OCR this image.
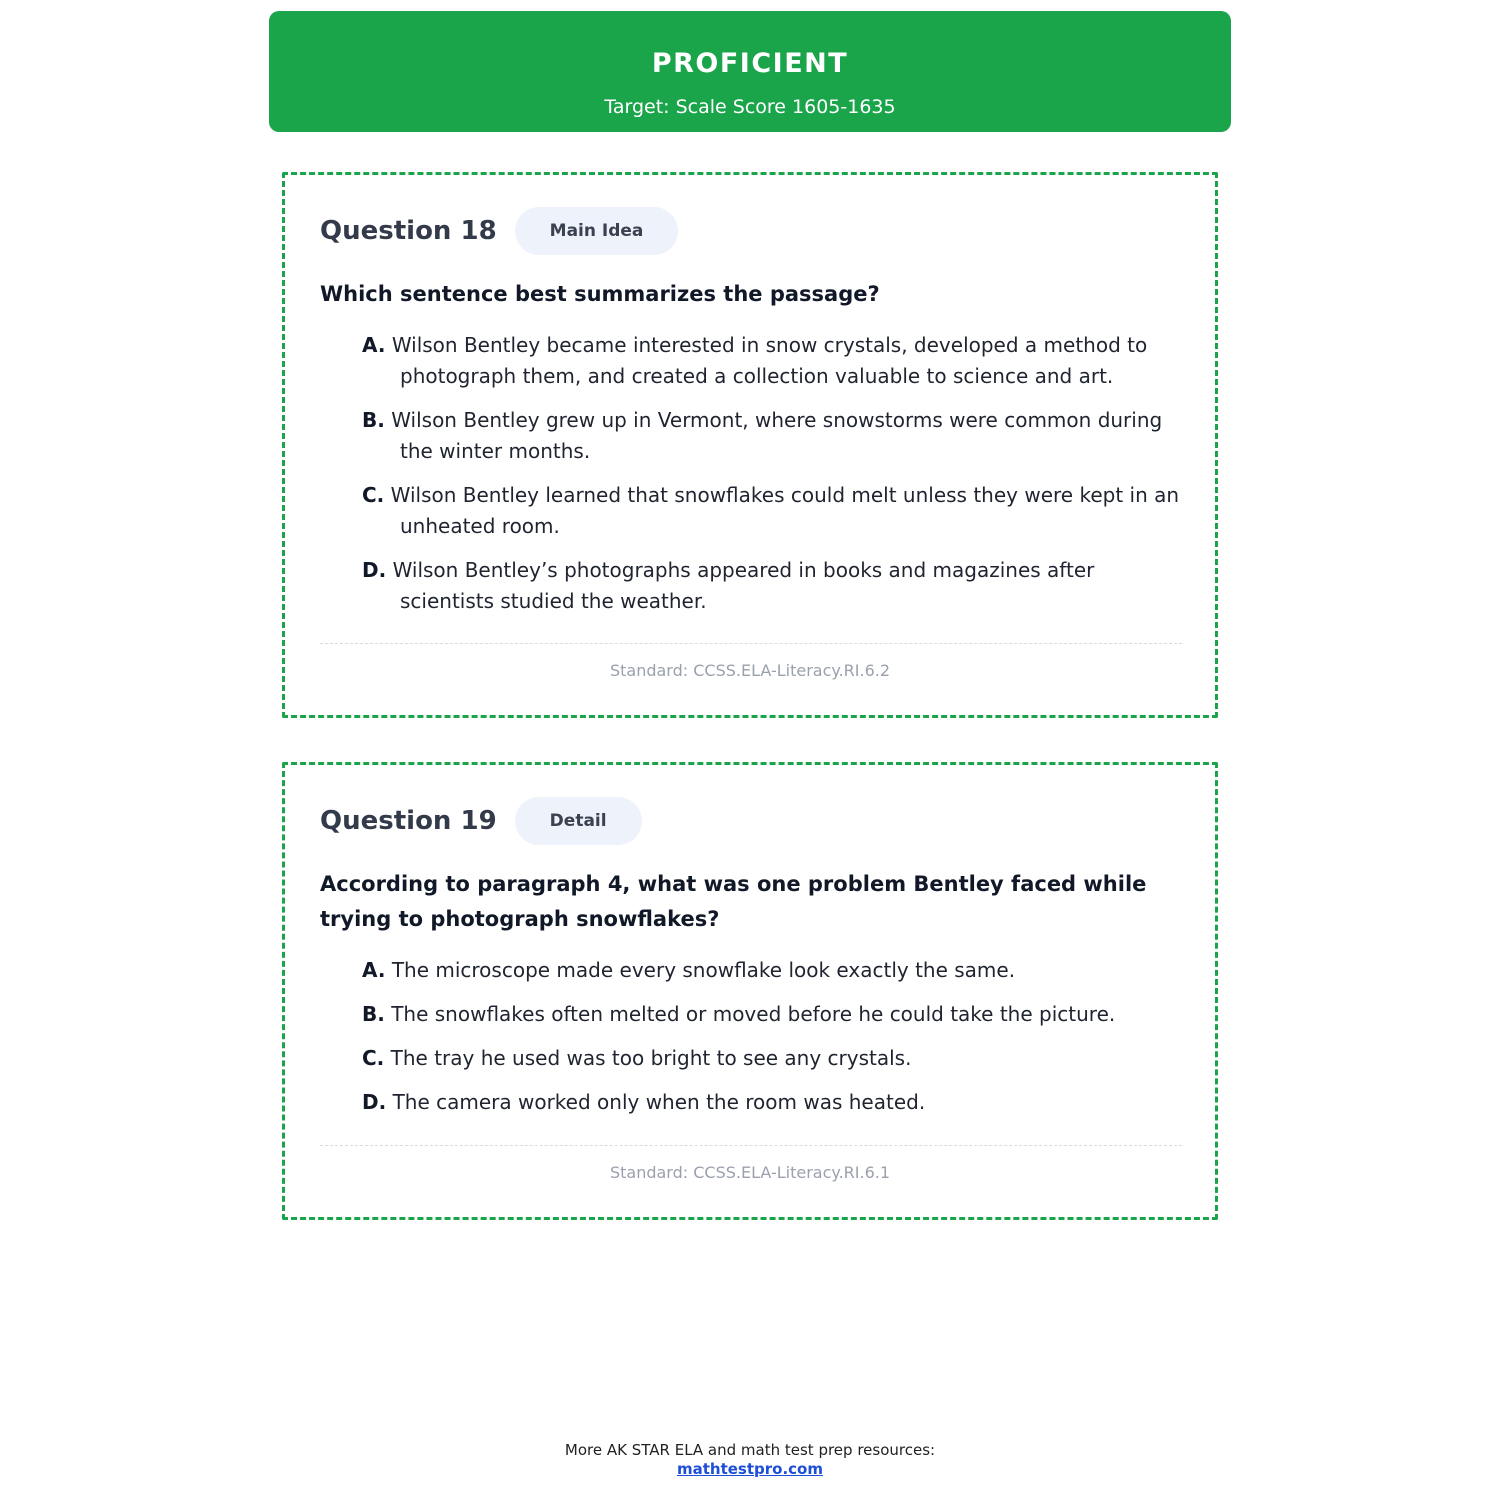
PROFICIENT
Target: Scale Score 1605-1635
Question 18	Main Idea
Which sentence best summarizes the passage?
A. Wilson Bentley became interested in snow crystals, developed a method to photograph them, and created a collection valuable to science and art.
B. Wilson Bentley grew up in Vermont, where snowstorms were common during the winter months.
C. Wilson Bentley learned that snowflakes could melt unless they were kept in an unheated room.
D. Wilson Bentley’s photographs appeared in books and magazines after scientists studied the weather.
Standard: CCSS.ELA-Literacy.RI.6.2
Question 19	Detail
According to paragraph 4, what was one problem Bentley faced while trying to photograph snowflakes?
A. The microscope made every snowflake look exactly the same.
B. The snowflakes often melted or moved before he could take the picture.
C. The tray he used was too bright to see any crystals.
D. The camera worked only when the room was heated.
Standard: CCSS.ELA-Literacy.RI.6.1
More AK STAR ELA and math test prep resources:
mathtestpro.com
